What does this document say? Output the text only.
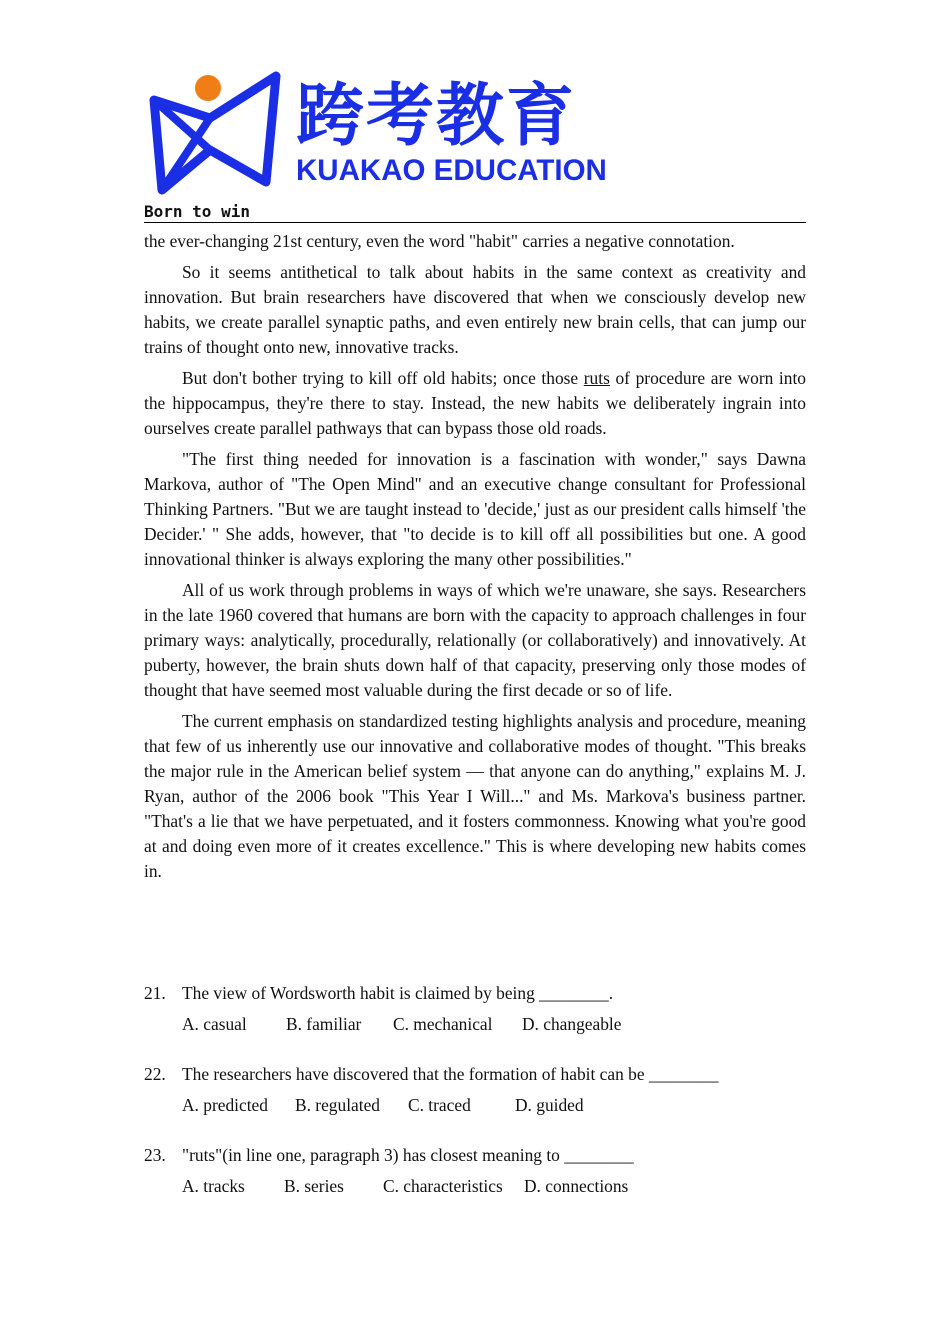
跨考教育
KUAKAO EDUCATION
Born to win

the ever-changing 21st century, even the word "habit" carries a negative connotation.

So it seems antithetical to talk about habits in the same context as creativity and innovation. But brain researchers have discovered that when we consciously develop new habits, we create parallel synaptic paths, and even entirely new brain cells, that can jump our trains of thought onto new, innovative tracks.

But don't bother trying to kill off old habits; once those ruts of procedure are worn into the hippocampus, they're there to stay. Instead, the new habits we deliberately ingrain into ourselves create parallel pathways that can bypass those old roads.

"The first thing needed for innovation is a fascination with wonder," says Dawna Markova, author of "The Open Mind" and an executive change consultant for Professional Thinking Partners. "But we are taught instead to 'decide,' just as our president calls himself 'the Decider.' " She adds, however, that "to decide is to kill off all possibilities but one. A good innovational thinker is always exploring the many other possibilities."

All of us work through problems in ways of which we're unaware, she says. Researchers in the late 1960 covered that humans are born with the capacity to approach challenges in four primary ways: analytically, procedurally, relationally (or collaboratively) and innovatively. At puberty, however, the brain shuts down half of that capacity, preserving only those modes of thought that have seemed most valuable during the first decade or so of life.

The current emphasis on standardized testing highlights analysis and procedure, meaning that few of us inherently use our innovative and collaborative modes of thought. "This breaks the major rule in the American belief system — that anyone can do anything," explains M. J. Ryan, author of the 2006 book "This Year I Will..." and Ms. Markova's business partner. "That's a lie that we have perpetuated, and it fosters commonness. Knowing what you're good at and doing even more of it creates excellence." This is where developing new habits comes in.

21. The view of Wordsworth habit is claimed by being ________.
A. casual	B. familiar	C. mechanical	D. changeable
22. The researchers have discovered that the formation of habit can be ________
A. predicted	B. regulated	C. traced	D. guided
23. "ruts"(in line one, paragraph 3) has closest meaning to ________
A. tracks	B. series	C. characteristics	D. connections
